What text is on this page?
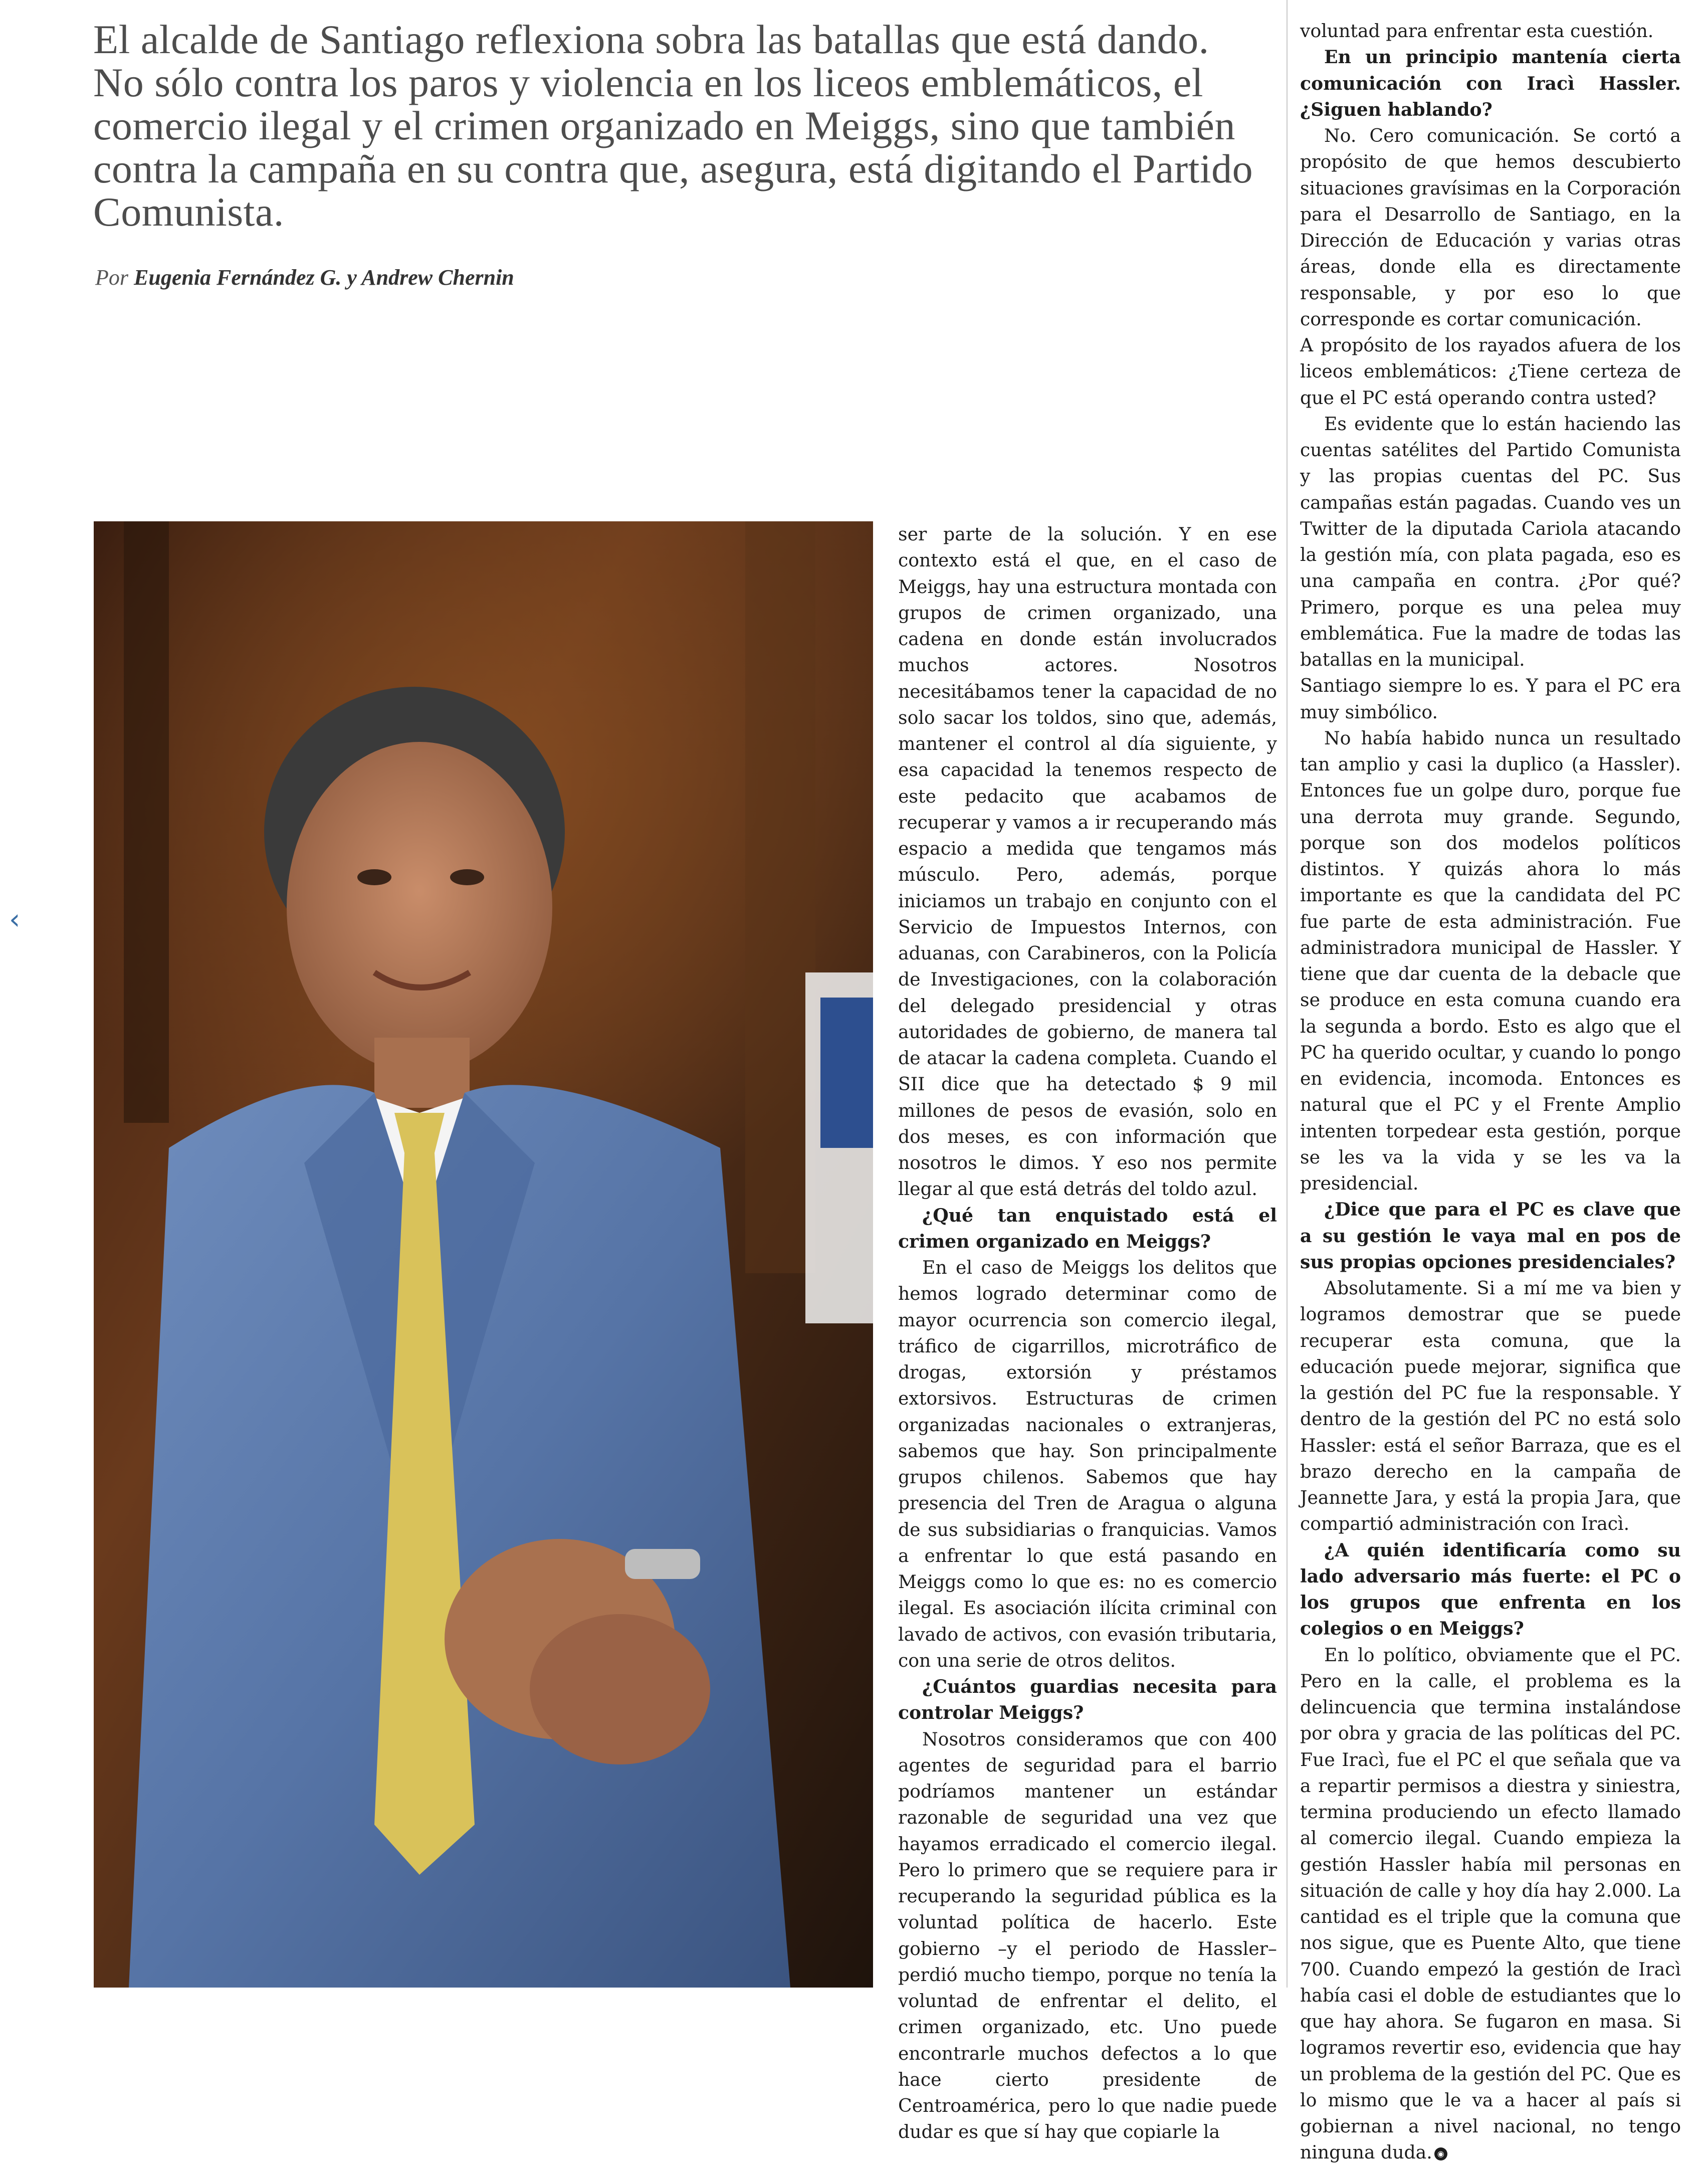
El alcalde de Santiago reflexiona sobra las batallas que está dando. No sólo contra los paros y violencia en los liceos emblemáticos, el comercio ilegal y el crimen organizado en Meiggs, sino que también contra la campaña en su contra que, asegura, está digitando el Partido Comunista.
Por Eugenia Fernández G. y Andrew Chernin
‹

ser parte de la solución. Y en ese contexto está el que, en el caso de Meiggs, hay una estructura montada con grupos de crimen organizado, una cadena en donde están involucrados muchos actores. Nosotros necesitábamos tener la capacidad de no solo sacar los toldos, sino que, además, mantener el control al día siguiente, y esa capacidad la tenemos respecto de este pedacito que acabamos de recuperar y vamos a ir recuperando más espacio a medida que tengamos más músculo. Pero, además, porque iniciamos un trabajo en conjunto con el Servicio de Impuestos Internos, con aduanas, con Carabineros, con la Policía de Investigaciones, con la colaboración del delegado presidencial y otras autoridades de gobierno, de manera tal de atacar la cadena completa. Cuando el SII dice que ha detectado $ 9 mil millones de pesos de evasión, solo en dos meses, es con información que nosotros le dimos. Y eso nos permite llegar al que está detrás del toldo azul.

¿Qué tan enquistado está el crimen organizado en Meiggs?

En el caso de Meiggs los delitos que hemos logrado determinar como de mayor ocurrencia son comercio ilegal, tráfico de cigarrillos, microtráfico de drogas, extorsión y préstamos extorsivos. Estructuras de crimen organizadas nacionales o extranjeras, sabemos que hay. Son principalmente grupos chilenos. Sabemos que hay presencia del Tren de Aragua o alguna de sus subsidiarias o franquicias. Vamos a enfrentar lo que está pasando en Meiggs como lo que es: no es comercio ilegal. Es asociación ilícita criminal con lavado de activos, con evasión tributaria, con una serie de otros delitos.

¿Cuántos guardias necesita para controlar Meiggs?

Nosotros consideramos que con 400 agentes de seguridad para el barrio podríamos mantener un estándar razonable de seguridad una vez que hayamos erradicado el comercio ilegal. Pero lo primero que se requiere para ir recuperando la seguridad pública es la voluntad política de hacerlo. Este gobierno –y el periodo de Hassler– perdió mucho tiempo, porque no tenía la voluntad de enfrentar el delito, el crimen organizado, etc. Uno puede encontrarle muchos defectos a lo que hace cierto presidente de Centroamérica, pero lo que nadie puede dudar es que sí hay que copiarle la

voluntad para enfrentar esta cuestión.

En un principio mantenía cierta comunicación con Iracì Hassler. ¿Siguen hablando?

No. Cero comunicación. Se cortó a propósito de que hemos descubierto situaciones gravísimas en la Corporación para el Desarrollo de Santiago, en la Dirección de Educación y varias otras áreas, donde ella es directamente responsable, y por eso lo que corresponde es cortar comunicación.

A propósito de los rayados afuera de los liceos emblemáticos: ¿Tiene certeza de que el PC está operando contra usted?

Es evidente que lo están haciendo las cuentas satélites del Partido Comunista y las propias cuentas del PC. Sus campañas están pagadas. Cuando ves un Twitter de la diputada Cariola atacando la gestión mía, con plata pagada, eso es una campaña en contra. ¿Por qué? Primero, porque es una pelea muy emblemática. Fue la madre de todas las batallas en la municipal.

Santiago siempre lo es. Y para el PC era muy simbólico.

No había habido nunca un resultado tan amplio y casi la duplico (a Hassler). Entonces fue un golpe duro, porque fue una derrota muy grande. Segundo, porque son dos modelos políticos distintos. Y quizás ahora lo más importante es que la candidata del PC fue parte de esta administración. Fue administradora municipal de Hassler. Y tiene que dar cuenta de la debacle que se produce en esta comuna cuando era la segunda a bordo. Esto es algo que el PC ha querido ocultar, y cuando lo pongo en evidencia, incomoda. Entonces es natural que el PC y el Frente Amplio intenten torpedear esta gestión, porque se les va la vida y se les va la presidencial.

¿Dice que para el PC es clave que a su gestión le vaya mal en pos de sus propias opciones presidenciales?

Absolutamente. Si a mí me va bien y logramos demostrar que se puede recuperar esta comuna, que la educación puede mejorar, significa que la gestión del PC fue la responsable. Y dentro de la gestión del PC no está solo Hassler: está el señor Barraza, que es el brazo derecho en la campaña de Jeannette Jara, y está la propia Jara, que compartió administración con Iracì.

¿A quién identificaría como su lado adversario más fuerte: el PC o los grupos que enfrenta en los colegios o en Meiggs?

En lo político, obviamente que el PC. Pero en la calle, el problema es la delincuencia que termina instalándose por obra y gracia de las políticas del PC. Fue Iracì, fue el PC el que señala que va a repartir permisos a diestra y siniestra, termina produciendo un efecto llamado al comercio ilegal. Cuando empieza la gestión Hassler había mil personas en situación de calle y hoy día hay 2.000. La cantidad es el triple que la comuna que nos sigue, que es Puente Alto, que tiene 700. Cuando empezó la gestión de Iracì había casi el doble de estudiantes que lo que hay ahora. Se fugaron en masa. Si logramos revertir eso, evidencia que hay un problema de la gestión del PC. Que es lo mismo que le va a hacer al país si gobiernan a nivel nacional, no tengo ninguna duda. ◉
